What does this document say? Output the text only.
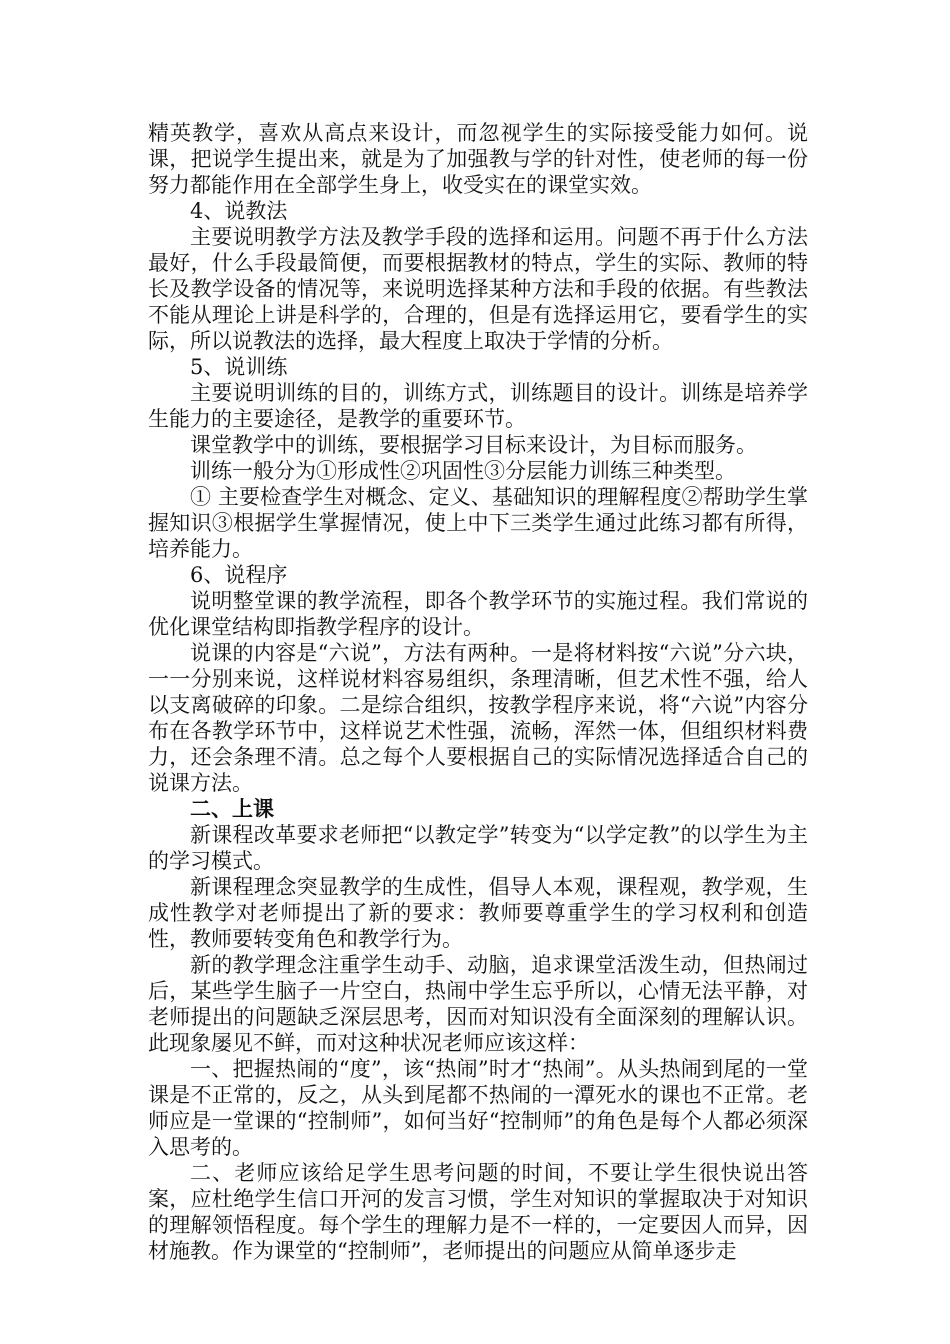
精英教学，喜欢从高点来设计，而忽视学生的实际接受能力如何。说课，把说学生提出来，就是为了加强教与学的针对性，使老师的每一份努力都能作用在全部学生身上，收受实在的课堂实效。

4、说教法

主要说明教学方法及教学手段的选择和运用。问题不再于什么方法最好，什么手段最简便，而要根据教材的特点，学生的实际、教师的特长及教学设备的情况等，来说明选择某种方法和手段的依据。有些教法不能从理论上讲是科学的，合理的，但是有选择运用它，要看学生的实际，所以说教法的选择，最大程度上取决于学情的分析。

5、说训练

主要说明训练的目的，训练方式，训练题目的设计。训练是培养学生能力的主要途径，是教学的重要环节。

课堂教学中的训练，要根据学习目标来设计，为目标而服务。

训练一般分为①形成性②巩固性③分层能力训练三种类型。

① 主要检查学生对概念、定义、基础知识的理解程度②帮助学生掌握知识③根据学生掌握情况，使上中下三类学生通过此练习都有所得，培养能力。

6、说程序

说明整堂课的教学流程，即各个教学环节的实施过程。我们常说的优化课堂结构即指教学程序的设计。

说课的内容是“六说”，方法有两种。一是将材料按“六说”分六块，一一分别来说，这样说材料容易组织，条理清晰，但艺术性不强，给人以支离破碎的印象。二是综合组织，按教学程序来说，将“六说”内容分布在各教学环节中，这样说艺术性强，流畅，浑然一体，但组织材料费力，还会条理不清。总之每个人要根据自己的实际情况选择适合自己的说课方法。

二、上课

新课程改革要求老师把“以教定学”转变为“以学定教”的以学生为主的学习模式。

新课程理念突显教学的生成性，倡导人本观，课程观，教学观，生成性教学对老师提出了新的要求：教师要尊重学生的学习权利和创造性，教师要转变角色和教学行为。

新的教学理念注重学生动手、动脑，追求课堂活泼生动，但热闹过后，某些学生脑子一片空白，热闹中学生忘乎所以，心情无法平静，对老师提出的问题缺乏深层思考，因而对知识没有全面深刻的理解认识。此现象屡见不鲜，而对这种状况老师应该这样：

一、把握热闹的“度”，该“热闹”时才“热闹”。从头热闹到尾的一堂课是不正常的，反之，从头到尾都不热闹的一潭死水的课也不正常。老师应是一堂课的“控制师”，如何当好“控制师”的角色是每个人都必须深入思考的。

二、老师应该给足学生思考问题的时间，不要让学生很快说出答案，应杜绝学生信口开河的发言习惯，学生对知识的掌握取决于对知识的理解领悟程度。每个学生的理解力是不一样的，一定要因人而异，因材施教。作为课堂的“控制师”，老师提出的问题应从简单逐步走
